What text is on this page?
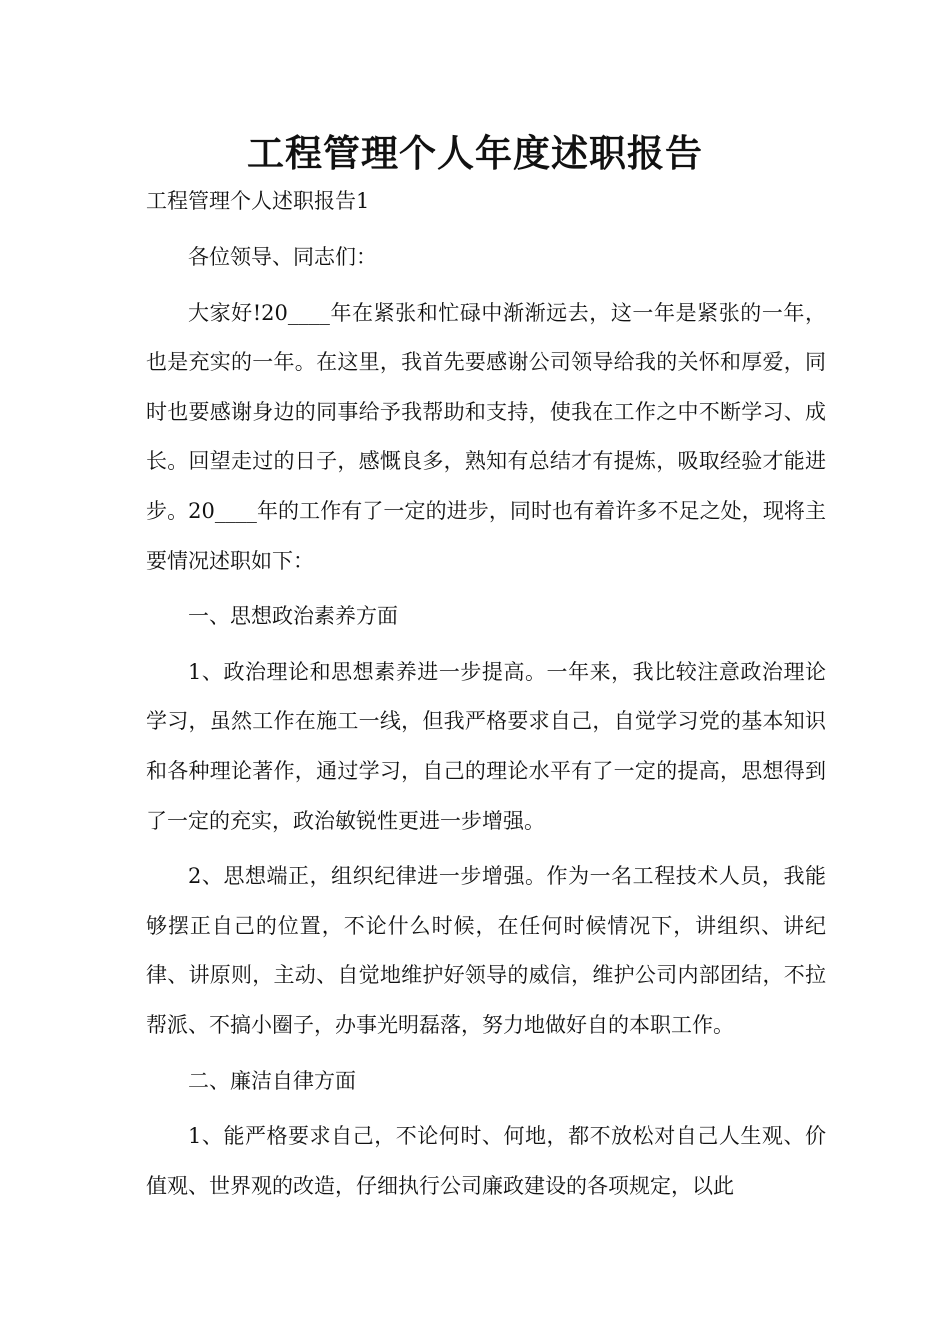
工程管理个人年度述职报告

工程管理个人述职报告1

各位领导、同志们：

大家好!20____年在紧张和忙碌中渐渐远去，这一年是紧张的一年，也是充实的一年。在这里，我首先要感谢公司领导给我的关怀和厚爱，同时也要感谢身边的同事给予我帮助和支持，使我在工作之中不断学习、成长。回望走过的日子，感慨良多，熟知有总结才有提炼，吸取经验才能进步。20____年的工作有了一定的进步，同时也有着许多不足之处，现将主要情况述职如下：

一、思想政治素养方面

1、政治理论和思想素养进一步提高。一年来，我比较注意政治理论学习，虽然工作在施工一线，但我严格要求自己，自觉学习党的基本知识和各种理论著作，通过学习，自己的理论水平有了一定的提高，思想得到了一定的充实，政治敏锐性更进一步增强。

2、思想端正，组织纪律进一步增强。作为一名工程技术人员，我能够摆正自己的位置，不论什么时候，在任何时候情况下，讲组织、讲纪律、讲原则，主动、自觉地维护好领导的威信，维护公司内部团结，不拉帮派、不搞小圈子，办事光明磊落，努力地做好自的本职工作。

二、廉洁自律方面

1、能严格要求自己，不论何时、何地，都不放松对自己人生观、价值观、世界观的改造，仔细执行公司廉政建设的各项规定，以此
